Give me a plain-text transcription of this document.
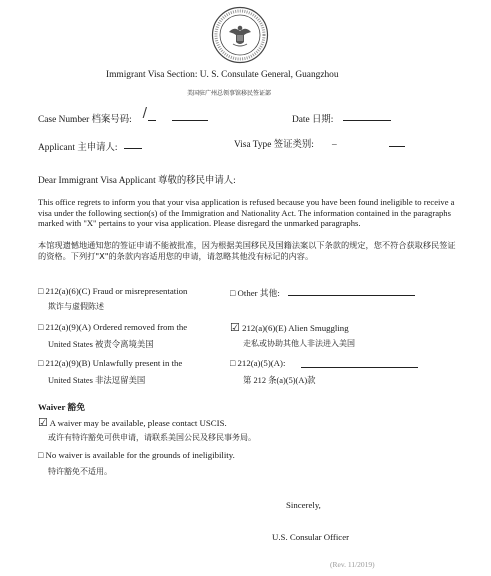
Immigrant Visa Section: U. S. Consulate General, Guangzhou
美国驻广州总领事馆移民签证部
Case Number 档案号码:  /	Date 日期:
Applicant 主申请人:	Visa Type 签证类别: _
Dear Immigrant Visa Applicant 尊敬的移民申请人:
This office regrets to inform you that your visa application is refused because you have been found ineligible to receive a visa under the following section(s) of the Immigration and Nationality Act. The information contained in the paragraphs marked with "X" pertains to your visa application. Please disregard the unmarked paragraphs.
本馆现遗憾地通知您的签证申请不能被批准，因为根据美国移民及国籍法案以下条款的规定，您不符合获取移民签证的资格。下列打"X"的条款内容适用您的申请，请忽略其他没有标记的内容。
□ 212(a)(6)(C) Fraud or misrepresentation
欺诈与虚假陈述
□ Other 其他:
□ 212(a)(9)(A) Ordered removed from the
United States 被责令离境美国
☑ 212(a)(6)(E) Alien Smuggling
走私或协助其他人非法进入美国
□ 212(a)(9)(B) Unlawfully present in the
United States 非法逗留美国
□ 212(a)(5)(A):
第 212 条(a)(5)(A)款
Waiver 豁免
☑ A waiver may be available, please contact USCIS.
或许有特许豁免可供申请，请联系美国公民及移民事务局。
□ No waiver is available for the grounds of ineligibility.
特许豁免不适用。
Sincerely,
U.S. Consular Officer
(Rev. 11/2019)
